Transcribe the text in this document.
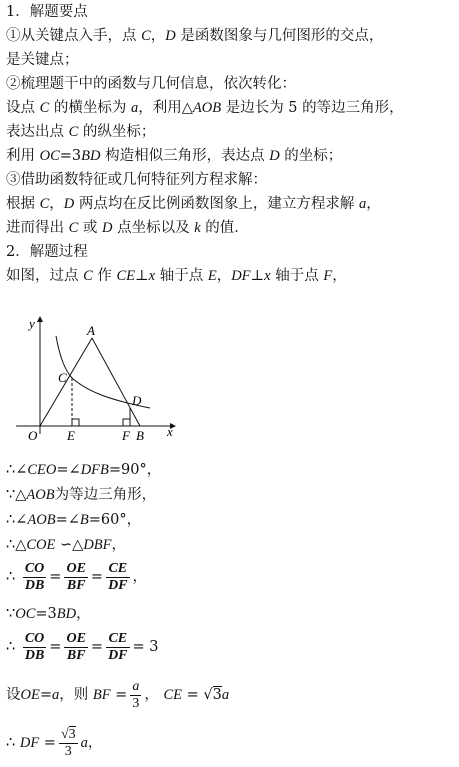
1．解题要点
①从关键点入手，点 C，D 是函数图象与几何图形的交点，
是关键点；
②梳理题干中的函数与几何信息，依次转化：
设点 C 的横坐标为 a，利用△AOB 是边长为 5 的等边三角形，
表达出点 C 的纵坐标；
利用 OC=3BD 构造相似三角形，表达点 D 的坐标；
③借助函数特征或几何特征列方程求解：
根据 C，D 两点均在反比例函数图象上，建立方程求解 a，
进而得出 C 或 D 点坐标以及 k 的值．
2．解题过程
如图，过点 C 作 CE⊥x 轴于点 E，DF⊥x 轴于点 F，
y	A
C
D
O E	F B x
∴∠CEO=∠DFB=90°，
∵△AOB为等边三角形，
∴∠AOB=∠B=60°，
∴△COE ∽△DBF，
∴ $\frac{CO}{DB} = \frac{OE}{BF} = \frac{CE}{DF}$ ，
∵OC=3BD，
∴ $\frac{CO}{DB} = \frac{OE}{BF} = \frac{CE}{DF} = 3$
设OE=a，则 BF = $\frac{a}{3}$ ， CE = √3a
∴ DF = $\frac{√3}{3}$ a，
